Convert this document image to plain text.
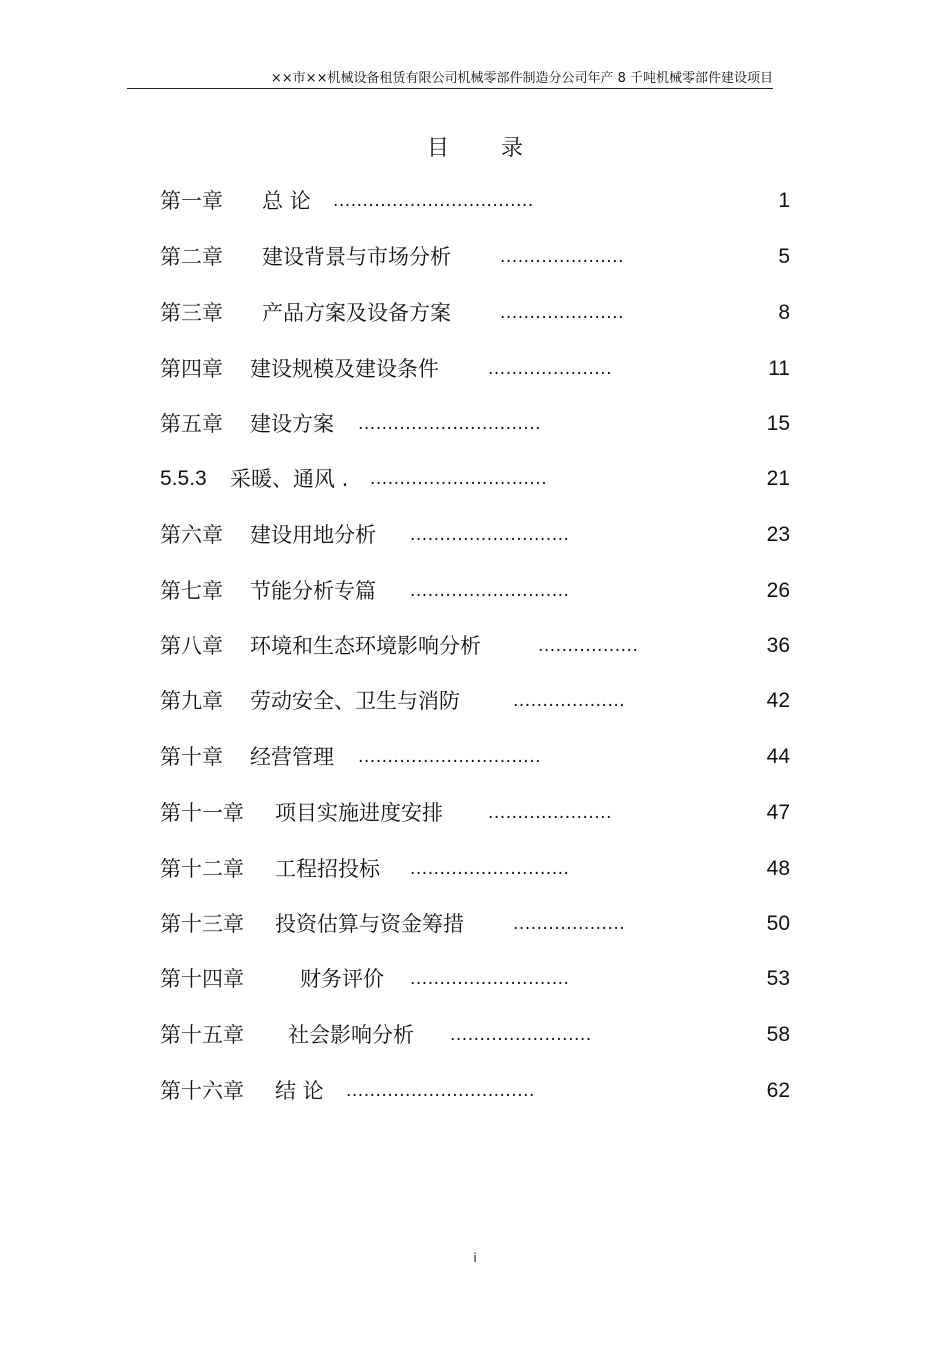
××市××机械设备租赁有限公司机械零部件制造分公司年产 8 千吨机械零部件建设项目
目 录
第一章 总 论 ..................................	1
第二章 建设背景与市场分析	.....................	5
第三章 产品方案及设备方案	.....................	8
第四章 建设规模及建设条件	.....................	11
第五章 建设方案 ...............................	15
5.5.3 采暖、通风 . ..............................	21
第六章 建设用地分析 ...........................	23
第七章 节能分析专篇 ...........................	26
第八章 环境和生态环境影响分析	.................	36
第九章 劳动安全、卫生与消防	...................	42
第十章 经营管理 ...............................	44
第十一章 项目实施进度安排	.....................	47
第十二章 工程招投标 ...........................	48
第十三章 投资估算与资金筹措	...................	50
第十四章	财务评价 ...........................	53
第十五章 社会影响分析 ........................	58
第十六章 结 论 ................................	62
i
